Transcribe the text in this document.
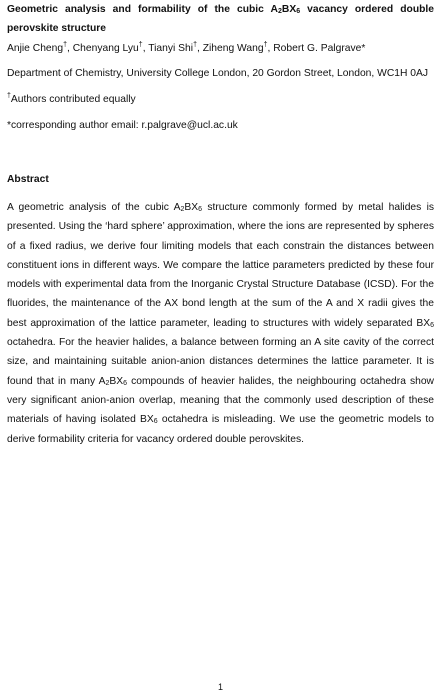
Geometric analysis and formability of the cubic $A_2BX_6$ vacancy ordered double
perovskite structure
Anjie Cheng†, Chenyang Lyu†, Tianyi Shi†, Ziheng Wang†, Robert G. Palgrave*
Department of Chemistry, University College London, 20 Gordon Street, London, WC1H 0AJ
†Authors contributed equally
*corresponding author email: r.palgrave@ucl.ac.uk
Abstract

A geometric analysis of the cubic $A_2BX_6$ structure commonly formed by metal halides is presented. Using the ‘hard sphere’ approximation, where the ions are represented by spheres of a fixed radius, we derive four limiting models that each constrain the distances between constituent ions in different ways. We compare the lattice parameters predicted by these four models with experimental data from the Inorganic Crystal Structure Database (ICSD). For the fluorides, the maintenance of the AX bond length at the sum of the A and X radii gives the best approximation of the lattice parameter, leading to structures with widely separated $BX_6$ octahedra. For the heavier halides, a balance between forming an A site cavity of the correct size, and maintaining suitable anion-anion distances determines the lattice parameter. It is found that in many $A_2BX_6$ compounds of heavier halides, the neighbouring octahedra show very significant anion-anion overlap, meaning that the commonly used description of these materials of having isolated $BX_6$ octahedra is misleading. We use the geometric models to derive formability criteria for vacancy ordered double perovskites.

1
